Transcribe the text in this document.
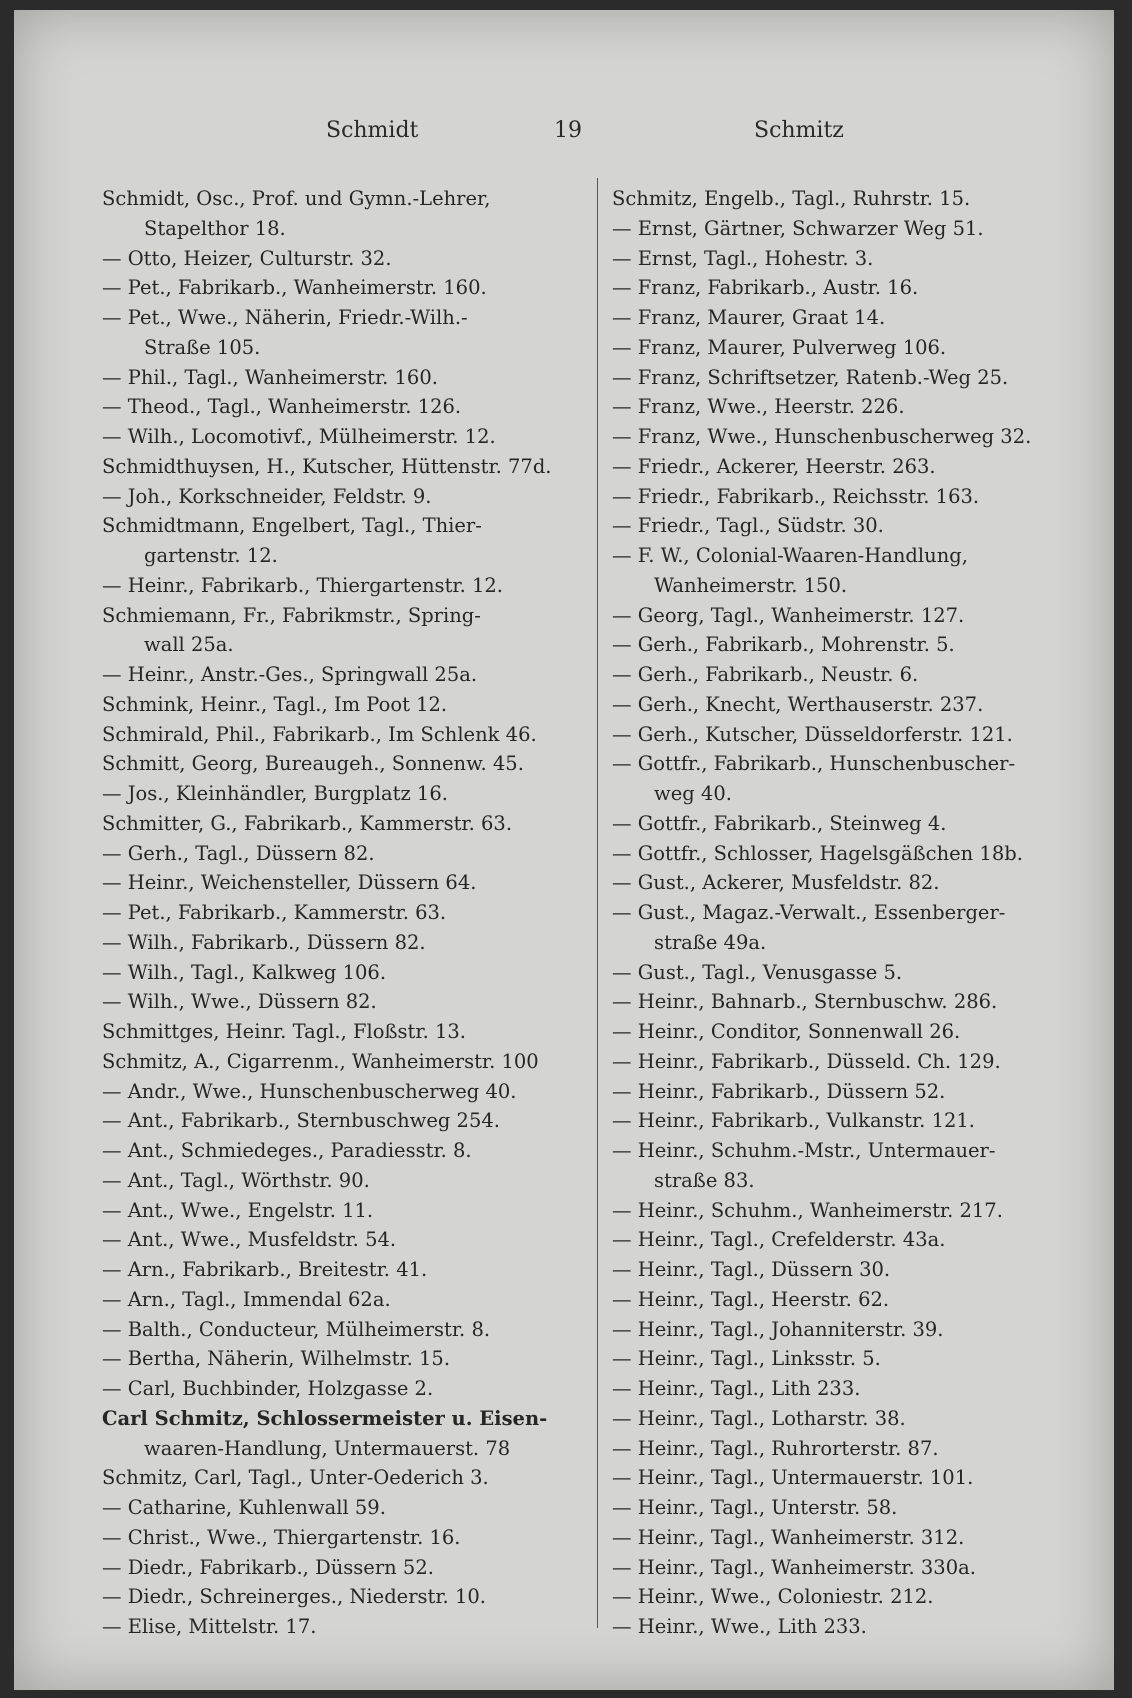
Schmidt	19	Schmitz
Schmidt, Osc., Prof. und Gymn.-Lehrer,
Stapelthor 18.
— Otto, Heizer, Culturstr. 32.
— Pet., Fabrikarb., Wanheimerstr. 160.
— Pet., Wwe., Näherin, Friedr.-Wilh.-
Straße 105.
— Phil., Tagl., Wanheimerstr. 160.
— Theod., Tagl., Wanheimerstr. 126.
— Wilh., Locomotivf., Mülheimerstr. 12.
Schmidthuysen, H., Kutscher, Hüttenstr. 77d.
— Joh., Korkschneider, Feldstr. 9.
Schmidtmann, Engelbert, Tagl., Thier-
gartenstr. 12.
— Heinr., Fabrikarb., Thiergartenstr. 12.
Schmiemann, Fr., Fabrikmstr., Spring-
wall 25a.
— Heinr., Anstr.-Ges., Springwall 25a.
Schmink, Heinr., Tagl., Im Poot 12.
Schmirald, Phil., Fabrikarb., Im Schlenk 46.
Schmitt, Georg, Bureaugeh., Sonnenw. 45.
— Jos., Kleinhändler, Burgplatz 16.
Schmitter, G., Fabrikarb., Kammerstr. 63.
— Gerh., Tagl., Düssern 82.
— Heinr., Weichensteller, Düssern 64.
— Pet., Fabrikarb., Kammerstr. 63.
— Wilh., Fabrikarb., Düssern 82.
— Wilh., Tagl., Kalkweg 106.
— Wilh., Wwe., Düssern 82.
Schmittges, Heinr. Tagl., Floßstr. 13.
Schmitz, A., Cigarrenm., Wanheimerstr. 100
— Andr., Wwe., Hunschenbuscherweg 40.
— Ant., Fabrikarb., Sternbuschweg 254.
— Ant., Schmiedeges., Paradiesstr. 8.
— Ant., Tagl., Wörthstr. 90.
— Ant., Wwe., Engelstr. 11.
— Ant., Wwe., Musfeldstr. 54.
— Arn., Fabrikarb., Breitestr. 41.
— Arn., Tagl., Immendal 62a.
— Balth., Conducteur, Mülheimerstr. 8.
— Bertha, Näherin, Wilhelmstr. 15.
— Carl, Buchbinder, Holzgasse 2.
Carl Schmitz, Schlossermeister u. Eisen-
waaren-Handlung, Untermauerst. 78
Schmitz, Carl, Tagl., Unter-Oederich 3.
— Catharine, Kuhlenwall 59.
— Christ., Wwe., Thiergartenstr. 16.
— Diedr., Fabrikarb., Düssern 52.
— Diedr., Schreinerges., Niederstr. 10.
— Elise, Mittelstr. 17.
Schmitz, Engelb., Tagl., Ruhrstr. 15.
— Ernst, Gärtner, Schwarzer Weg 51.
— Ernst, Tagl., Hohestr. 3.
— Franz, Fabrikarb., Austr. 16.
— Franz, Maurer, Graat 14.
— Franz, Maurer, Pulverweg 106.
— Franz, Schriftsetzer, Ratenb.-Weg 25.
— Franz, Wwe., Heerstr. 226.
— Franz, Wwe., Hunschenbuscherweg 32.
— Friedr., Ackerer, Heerstr. 263.
— Friedr., Fabrikarb., Reichsstr. 163.
— Friedr., Tagl., Südstr. 30.
— F. W., Colonial-Waaren-Handlung,
Wanheimerstr. 150.
— Georg, Tagl., Wanheimerstr. 127.
— Gerh., Fabrikarb., Mohrenstr. 5.
— Gerh., Fabrikarb., Neustr. 6.
— Gerh., Knecht, Werthauserstr. 237.
— Gerh., Kutscher, Düsseldorferstr. 121.
— Gottfr., Fabrikarb., Hunschenbuscher-
weg 40.
— Gottfr., Fabrikarb., Steinweg 4.
— Gottfr., Schlosser, Hagelsgäßchen 18b.
— Gust., Ackerer, Musfeldstr. 82.
— Gust., Magaz.-Verwalt., Essenberger-
straße 49a.
— Gust., Tagl., Venusgasse 5.
— Heinr., Bahnarb., Sternbuschw. 286.
— Heinr., Conditor, Sonnenwall 26.
— Heinr., Fabrikarb., Düsseld. Ch. 129.
— Heinr., Fabrikarb., Düssern 52.
— Heinr., Fabrikarb., Vulkanstr. 121.
— Heinr., Schuhm.-Mstr., Untermauer-
straße 83.
— Heinr., Schuhm., Wanheimerstr. 217.
— Heinr., Tagl., Crefelderstr. 43a.
— Heinr., Tagl., Düssern 30.
— Heinr., Tagl., Heerstr. 62.
— Heinr., Tagl., Johanniterstr. 39.
— Heinr., Tagl., Linksstr. 5.
— Heinr., Tagl., Lith 233.
— Heinr., Tagl., Lotharstr. 38.
— Heinr., Tagl., Ruhrorterstr. 87.
— Heinr., Tagl., Untermauerstr. 101.
— Heinr., Tagl., Unterstr. 58.
— Heinr., Tagl., Wanheimerstr. 312.
— Heinr., Tagl., Wanheimerstr. 330a.
— Heinr., Wwe., Coloniestr. 212.
— Heinr., Wwe., Lith 233.
